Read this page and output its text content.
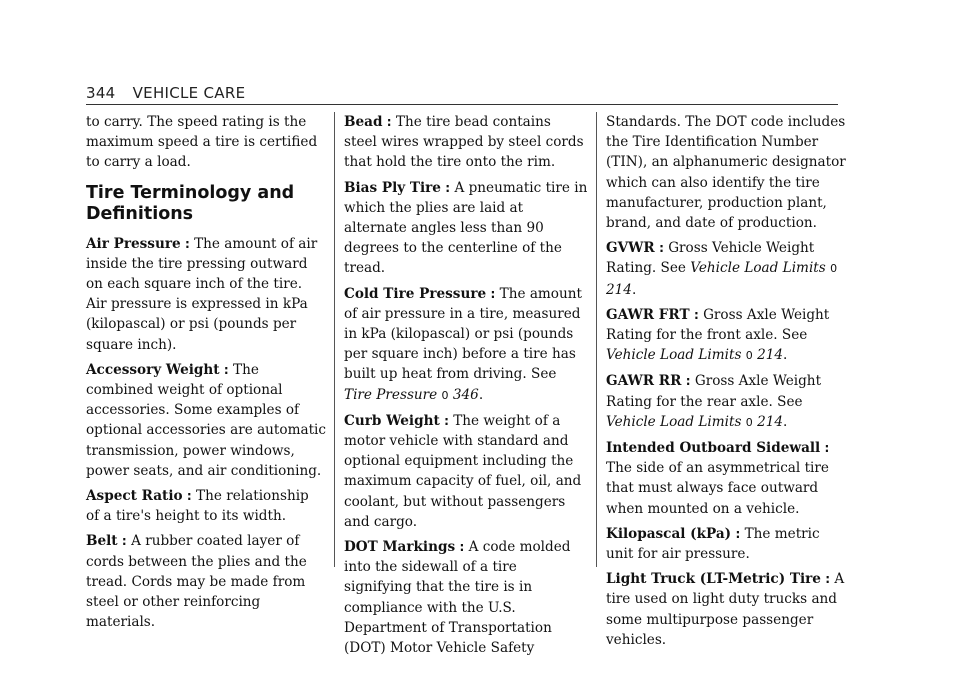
344 VEHICLE CARE

to carry. The speed rating is the maximum speed a tire is certified to carry a load.

Tire Terminology and Definitions

Air Pressure : The amount of air inside the tire pressing outward on each square inch of the tire. Air pressure is expressed in kPa (kilopascal) or psi (pounds per square inch).

Accessory Weight : The combined weight of optional accessories. Some examples of optional accessories are automatic transmission, power windows, power seats, and air conditioning.

Aspect Ratio : The relationship of a tire's height to its width.

Belt : A rubber coated layer of cords between the plies and the tread. Cords may be made from steel or other reinforcing materials.

Bead : The tire bead contains steel wires wrapped by steel cords that hold the tire onto the rim.

Bias Ply Tire : A pneumatic tire in which the plies are laid at alternate angles less than 90 degrees to the centerline of the tread.

Cold Tire Pressure : The amount of air pressure in a tire, measured in kPa (kilopascal) or psi (pounds per square inch) before a tire has built up heat from driving. See Tire Pressure 0 346.

Curb Weight : The weight of a motor vehicle with standard and optional equipment including the maximum capacity of fuel, oil, and coolant, but without passengers and cargo.

DOT Markings : A code molded into the sidewall of a tire signifying that the tire is in compliance with the U.S. Department of Transportation (DOT) Motor Vehicle Safety

Standards. The DOT code includes the Tire Identification Number (TIN), an alphanumeric designator which can also identify the tire manufacturer, production plant, brand, and date of production.

GVWR : Gross Vehicle Weight Rating. See Vehicle Load Limits 0 214.

GAWR FRT : Gross Axle Weight Rating for the front axle. See Vehicle Load Limits 0 214.

GAWR RR : Gross Axle Weight Rating for the rear axle. See Vehicle Load Limits 0 214.

Intended Outboard Sidewall : The side of an asymmetrical tire that must always face outward when mounted on a vehicle.

Kilopascal (kPa) : The metric unit for air pressure.

Light Truck (LT-Metric) Tire : A tire used on light duty trucks and some multipurpose passenger vehicles.
